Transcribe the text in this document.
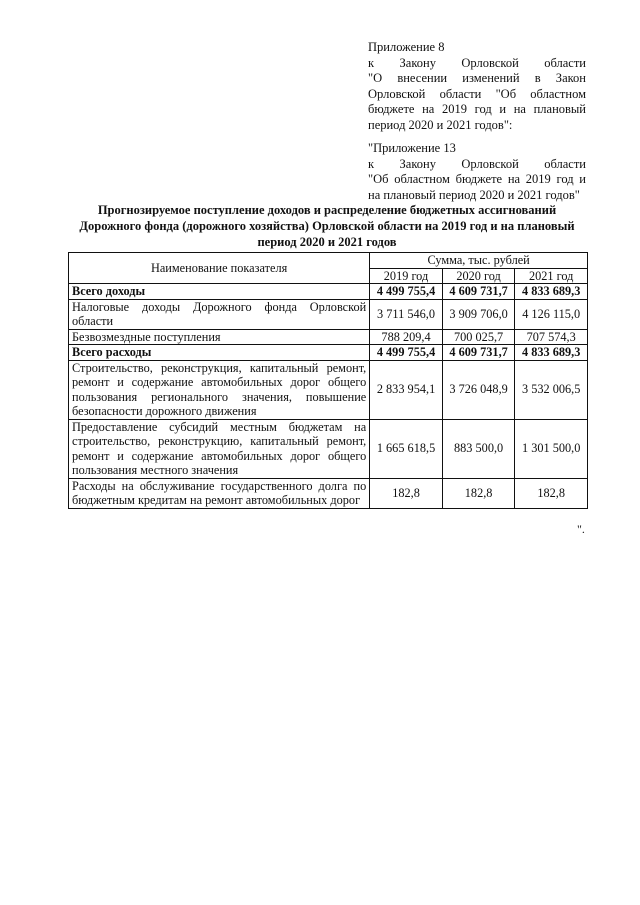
Приложение 8

к Закону Орловской области

"О внесении изменений в Закон

Орловской области "Об областном

бюджете на 2019 год и на плановый

период 2020 и 2021 годов":

"Приложение 13

к Закону Орловской области

"Об областном бюджете на 2019 год и

на плановый период 2020 и 2021 годов"

Прогнозируемое поступление доходов и распределение бюджетных ассигнований
Дорожного фонда (дорожного хозяйства) Орловской области на 2019 год и на плановый
период 2020 и 2021 годов
Наименование показателя	Сумма, тыс. рублей		
	2019 год	2020 год	2021 год
Всего доходы	4 499 755,4	4 609 731,7	4 833 689,3
Налоговые доходы Дорожного фонда Орловской области	3 711 546,0	3 909 706,0	4 126 115,0
Безвозмездные поступления	788 209,4	700 025,7	707 574,3
Всего расходы	4 499 755,4	4 609 731,7	4 833 689,3
Строительство, реконструкция, капитальный ремонт, ремонт и содержание автомобильных дорог общего пользования регионального значения, повышение безопасности дорожного движения	2 833 954,1	3 726 048,9	3 532 006,5
Предоставление субсидий местным бюджетам на строительство, реконструкцию, капитальный ремонт, ремонт и содержание автомобильных дорог общего пользования местного значения	1 665 618,5	883 500,0	1 301 500,0
Расходы на обслуживание государственного долга по бюджетным кредитам на ремонт автомобильных дорог	182,8	182,8	182,8
".
